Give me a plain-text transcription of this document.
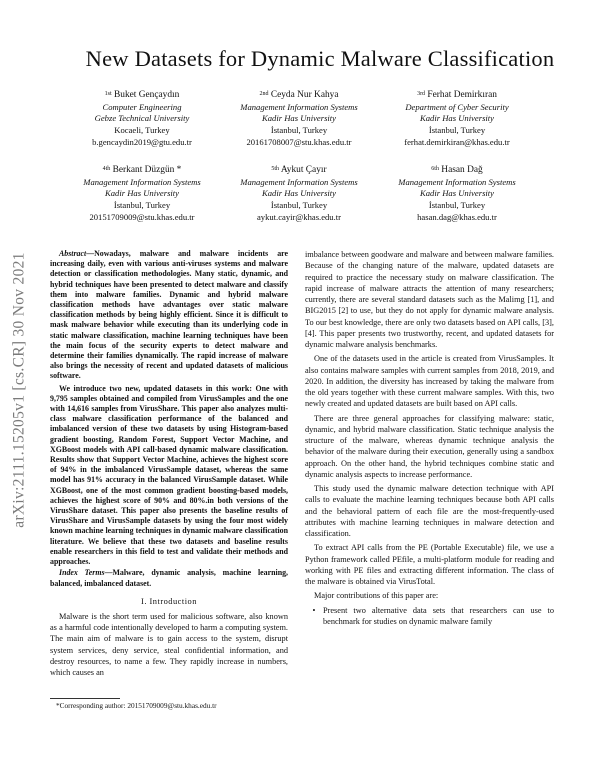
arXiv:2111.15205v1 [cs.CR] 30 Nov 2021
New Datasets for Dynamic Malware Classification
$^{1st}$ Buket Gençaydın
Computer Engineering
Gebze Technical University
Kocaeli, Turkey
b.gencaydin2019@gtu.edu.tr
$^{2nd}$ Ceyda Nur Kahya
Management Information Systems
Kadir Has University
İstanbul, Turkey
20161708007@stu.khas.edu.tr
$^{3rd}$ Ferhat Demirkıran
Department of Cyber Security
Kadir Has University
İstanbul, Turkey
ferhat.demirkiran@khas.edu.tr
$^{4th}$ Berkant Düzgün *
Management Information Systems
Kadir Has University
İstanbul, Turkey
20151709009@stu.khas.edu.tr
$^{5th}$ Aykut Çayır
Management Information Systems
Kadir Has University
İstanbul, Turkey
aykut.cayir@khas.edu.tr
$^{6th}$ Hasan Dağ
Management Information Systems
Kadir Has University
İstanbul, Turkey
hasan.dag@khas.edu.tr

Abstract—Nowadays, malware and malware incidents are increasing daily, even with various anti-viruses systems and malware detection or classification methodologies. Many static, dynamic, and hybrid techniques have been presented to detect malware and classify them into malware families. Dynamic and hybrid malware classification methods have advantages over static malware classification methods by being highly efficient. Since it is difficult to mask malware behavior while executing than its underlying code in static malware classification, machine learning techniques have been the main focus of the security experts to detect malware and determine their families dynamically. The rapid increase of malware also brings the necessity of recent and updated datasets of malicious software.

We introduce two new, updated datasets in this work: One with 9,795 samples obtained and compiled from VirusSamples and the one with 14,616 samples from VirusShare. This paper also analyzes multi-class malware classification performance of the balanced and imbalanced version of these two datasets by using Histogram-based gradient boosting, Random Forest, Support Vector Machine, and XGBoost models with API call-based dynamic malware classification. Results show that Support Vector Machine, achieves the highest score of 94% in the imbalanced VirusSample dataset, whereas the same model has 91% accuracy in the balanced VirusSample dataset. While XGBoost, one of the most common gradient boosting-based models, achieves the highest score of 90% and 80%.in both versions of the VirusShare dataset. This paper also presents the baseline results of VirusShare and VirusSample datasets by using the four most widely known machine learning techniques in dynamic malware classification literature. We believe that these two datasets and baseline results enable researchers in this field to test and validate their methods and approaches.

Index Terms—Malware, dynamic analysis, machine learning, balanced, imbalanced dataset.

I. Introduction

Malware is the short term used for malicious software, also known as a harmful code intentionally developed to harm a computing system. The main aim of malware is to gain access to the system, disrupt system services, deny service, steal confidential information, and destroy resources, to name a few. They rapidly increase in numbers, which causes an

imbalance between goodware and malware and between malware families. Because of the changing nature of the malware, updated datasets are required to practice the necessary study on malware classification. The rapid increase of malware attracts the attention of many researchers; currently, there are several standard datasets such as the Malimg [1], and BIG2015 [2] to use, but they do not apply for dynamic malware analysis. To our best knowledge, there are only two datasets based on API calls, [3], [4]. This paper presents two trustworthy, recent, and updated datasets for dynamic malware analysis benchmarks.

One of the datasets used in the article is created from VirusSamples. It also contains malware samples with current samples from 2018, 2019, and 2020. In addition, the diversity has increased by taking the malware from the old years together with these current malware samples. With this, two newly created and updated datasets are built based on API calls.

There are three general approaches for classifying malware: static, dynamic, and hybrid malware classification. Static technique analysis the structure of the malware, whereas dynamic technique analysis the behavior of the malware during their execution, generally using a sandbox approach. On the other hand, the hybrid techniques combine static and dynamic analysis aspects to increase performance.

This study used the dynamic malware detection technique with API calls to evaluate the machine learning techniques because both API calls and the behavioral pattern of each file are the most-frequently-used attributes with machine learning techniques in malware detection and classification.

To extract API calls from the PE (Portable Executable) file, we use a Python framework called PEfile, a multi-platform module for reading and working with PE files and extracting different information. The class of the malware is obtained via VirusTotal.

Major contributions of this paper are:

• Present two alternative data sets that researchers can use to benchmark for studies on dynamic malware family
*Corresponding author: 20151709009@stu.khas.edu.tr
